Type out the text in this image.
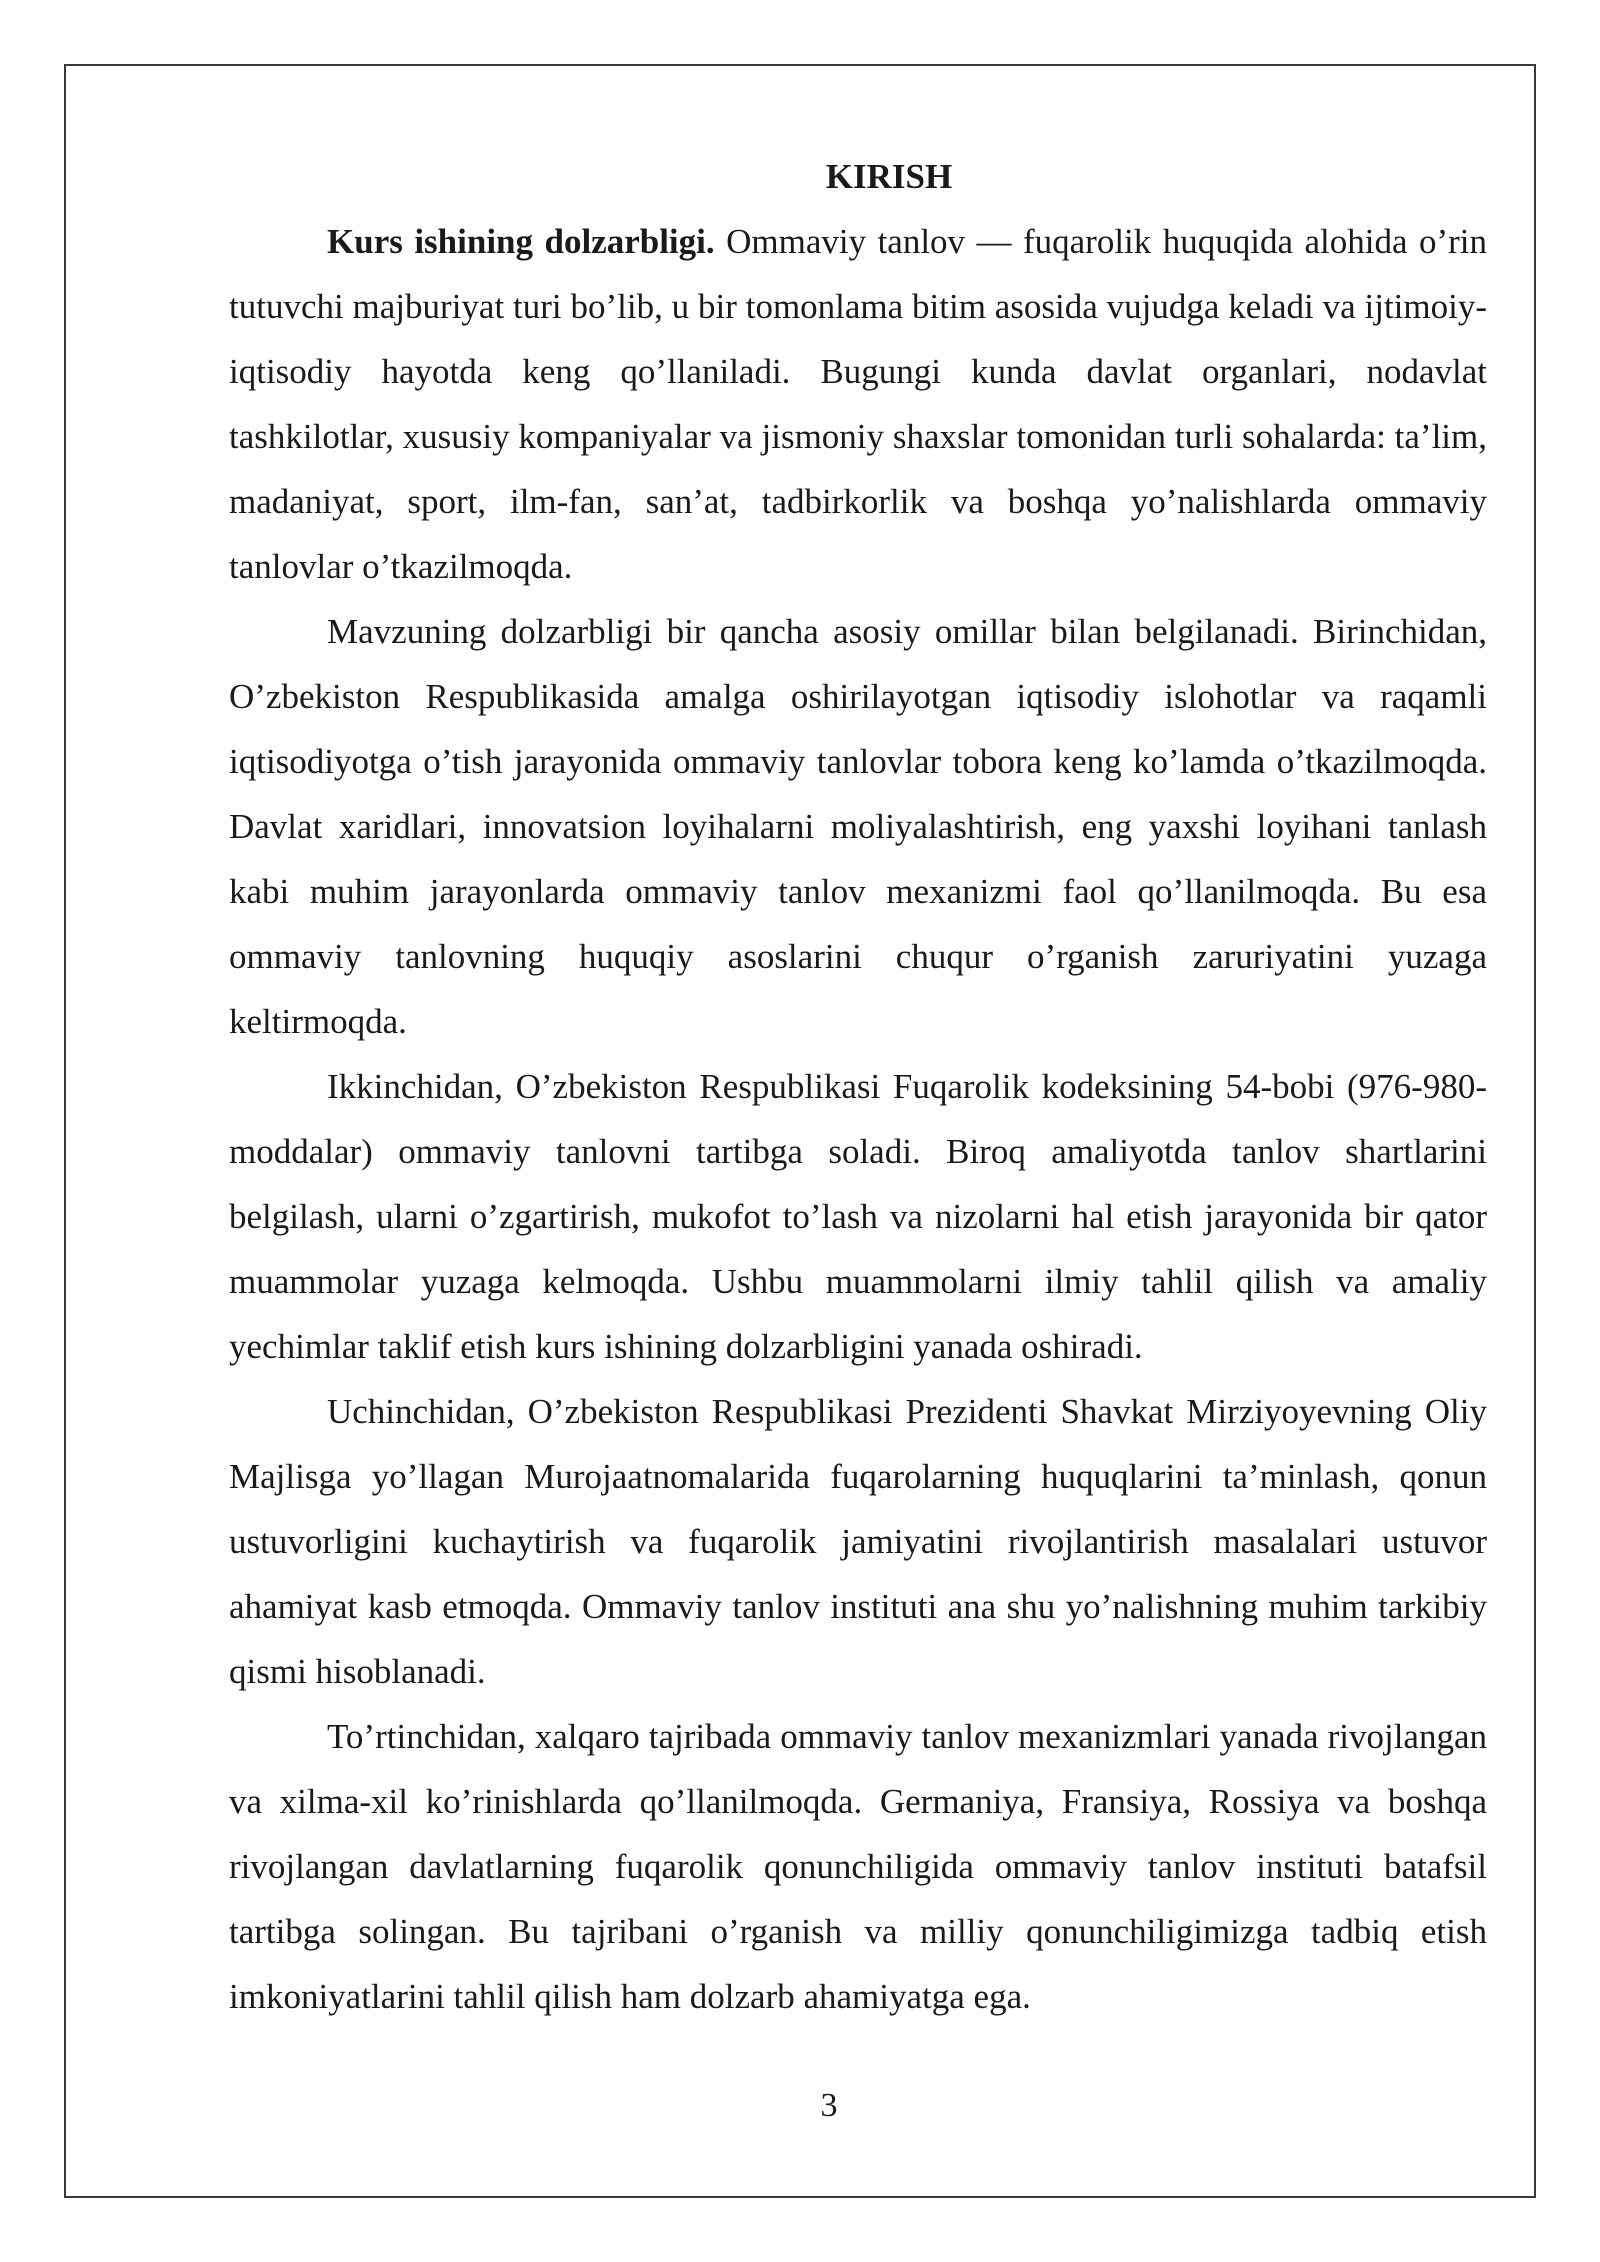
KIRISH

Kurs ishining dolzarbligi. Ommaviy tanlov — fuqarolik huquqida alohida o’rin tutuvchi majburiyat turi bo’lib, u bir tomonlama bitim asosida vujudga keladi va ijtimoiy-iqtisodiy hayotda keng qo’llaniladi. Bugungi kunda davlat organlari, nodavlat tashkilotlar, xususiy kompaniyalar va jismoniy shaxslar tomonidan turli sohalarda: ta’lim, madaniyat, sport, ilm-fan, san’at, tadbirkorlik va boshqa yo’nalishlarda ommaviy tanlovlar o’tkazilmoqda.

Mavzuning dolzarbligi bir qancha asosiy omillar bilan belgilanadi. Birinchidan, O’zbekiston Respublikasida amalga oshirilayotgan iqtisodiy islohotlar va raqamli iqtisodiyotga o’tish jarayonida ommaviy tanlovlar tobora keng ko’lamda o’tkazilmoqda. Davlat xaridlari, innovatsion loyihalarni moliyalashtirish, eng yaxshi loyihani tanlash kabi muhim jarayonlarda ommaviy tanlov mexanizmi faol qo’llanilmoqda. Bu esa ommaviy tanlovning huquqiy asoslarini chuqur o’rganish zaruriyatini yuzaga keltirmoqda.

Ikkinchidan, O’zbekiston Respublikasi Fuqarolik kodeksining 54-bobi (976-980-moddalar) ommaviy tanlovni tartibga soladi. Biroq amaliyotda tanlov shartlarini belgilash, ularni o’zgartirish, mukofot to’lash va nizolarni hal etish jarayonida bir qator muammolar yuzaga kelmoqda. Ushbu muammolarni ilmiy tahlil qilish va amaliy yechimlar taklif etish kurs ishining dolzarbligini yanada oshiradi.

Uchinchidan, O’zbekiston Respublikasi Prezidenti Shavkat Mirziyoyevning Oliy Majlisga yo’llagan Murojaatnomalarida fuqarolarning huquqlarini ta’minlash, qonun ustuvorligini kuchaytirish va fuqarolik jamiyatini rivojlantirish masalalari ustuvor ahamiyat kasb etmoqda. Ommaviy tanlov instituti ana shu yo’nalishning muhim tarkibiy qismi hisoblanadi.

To’rtinchidan, xalqaro tajribada ommaviy tanlov mexanizmlari yanada rivojlangan va xilma-xil ko’rinishlarda qo’llanilmoqda. Germaniya, Fransiya, Rossiya va boshqa rivojlangan davlatlarning fuqarolik qonunchiligida ommaviy tanlov instituti batafsil tartibga solingan. Bu tajribani o’rganish va milliy qonunchiligimizga tadbiq etish imkoniyatlarini tahlil qilish ham dolzarb ahamiyatga ega.

3
